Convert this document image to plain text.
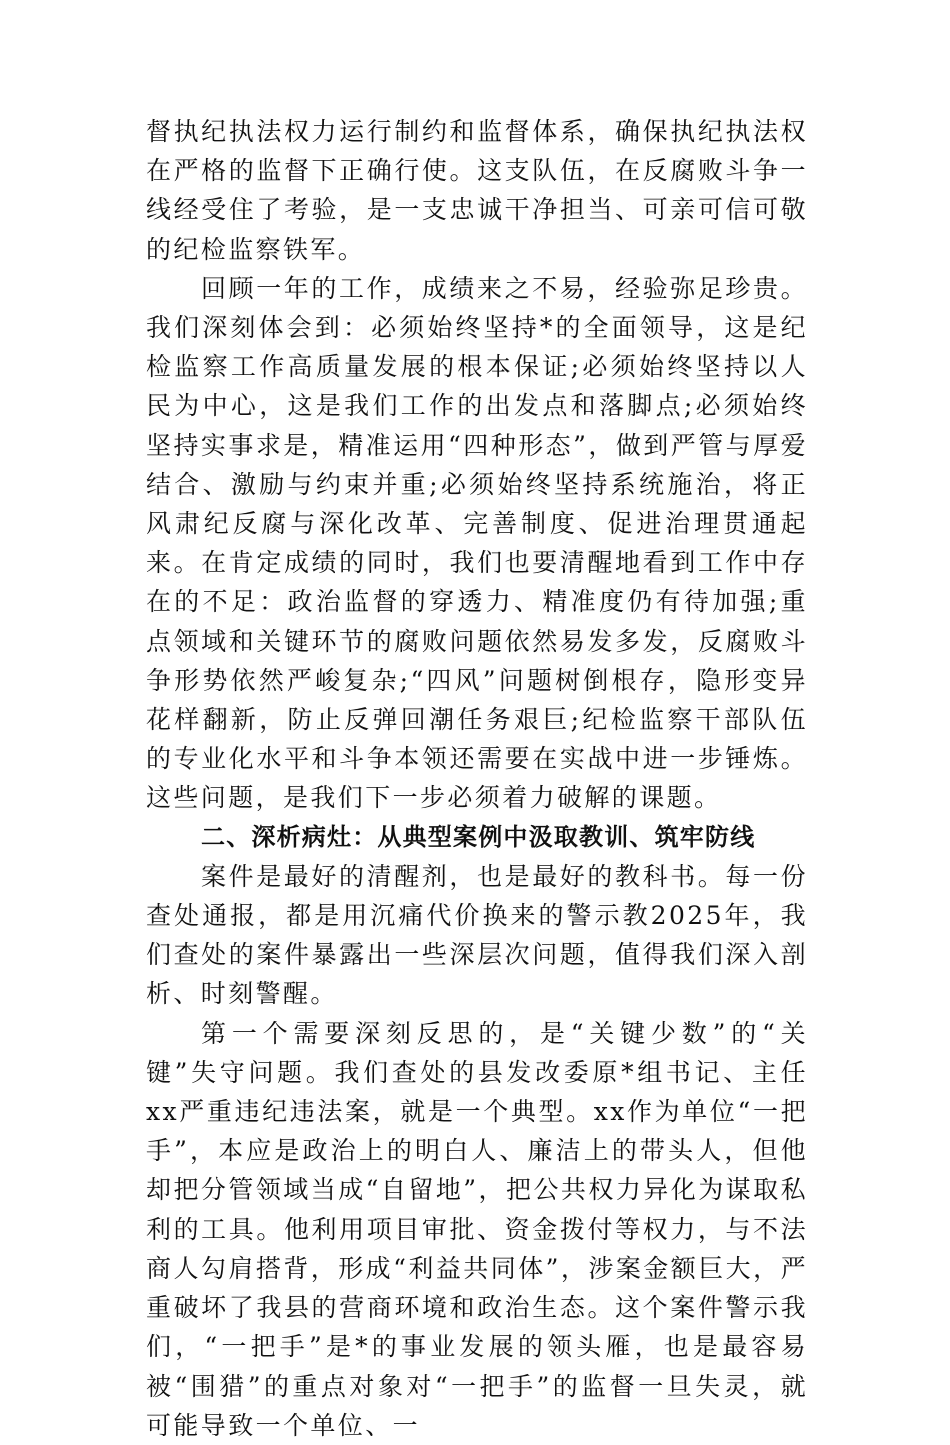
督执纪执法权力运行制约和监督体系，确保执纪执法权在严格的监督下正确行使。这支队伍，在反腐败斗争一线经受住了考验，是一支忠诚干净担当、可亲可信可敬的纪检监察铁军。

回顾一年的工作，成绩来之不易，经验弥足珍贵。我们深刻体会到：必须始终坚持*的全面领导，这是纪检监察工作高质量发展的根本保证;必须始终坚持以人民为中心，这是我们工作的出发点和落脚点;必须始终坚持实事求是，精准运用“四种形态”，做到严管与厚爱结合、激励与约束并重;必须始终坚持系统施治，将正风肃纪反腐与深化改革、完善制度、促进治理贯通起来。在肯定成绩的同时，我们也要清醒地看到工作中存在的不足：政治监督的穿透力、精准度仍有待加强;重点领域和关键环节的腐败问题依然易发多发，反腐败斗争形势依然严峻复杂;“四风”问题树倒根存，隐形变异花样翻新，防止反弹回潮任务艰巨;纪检监察干部队伍的专业化水平和斗争本领还需要在实战中进一步锤炼。这些问题，是我们下一步必须着力破解的课题。

二、深析病灶：从典型案例中汲取教训、筑牢防线

案件是最好的清醒剂，也是最好的教科书。每一份查处通报，都是用沉痛代价换来的警示教2025年，我们查处的案件暴露出一些深层次问题，值得我们深入剖析、时刻警醒。

第一个需要深刻反思的，是“关键少数”的“关键”失守问题。我们查处的县发改委原*组书记、主任xx严重违纪违法案，就是一个典型。xx作为单位“一把手”，本应是政治上的明白人、廉洁上的带头人，但他却把分管领域当成“自留地”，把公共权力异化为谋取私利的工具。他利用项目审批、资金拨付等权力，与不法商人勾肩搭背，形成“利益共同体”，涉案金额巨大，严重破坏了我县的营商环境和政治生态。这个案件警示我们，“一把手”是*的事业发展的领头雁，也是最容易被“围猎”的重点对象对“一把手”的监督一旦失灵，就可能导致一个单位、一
